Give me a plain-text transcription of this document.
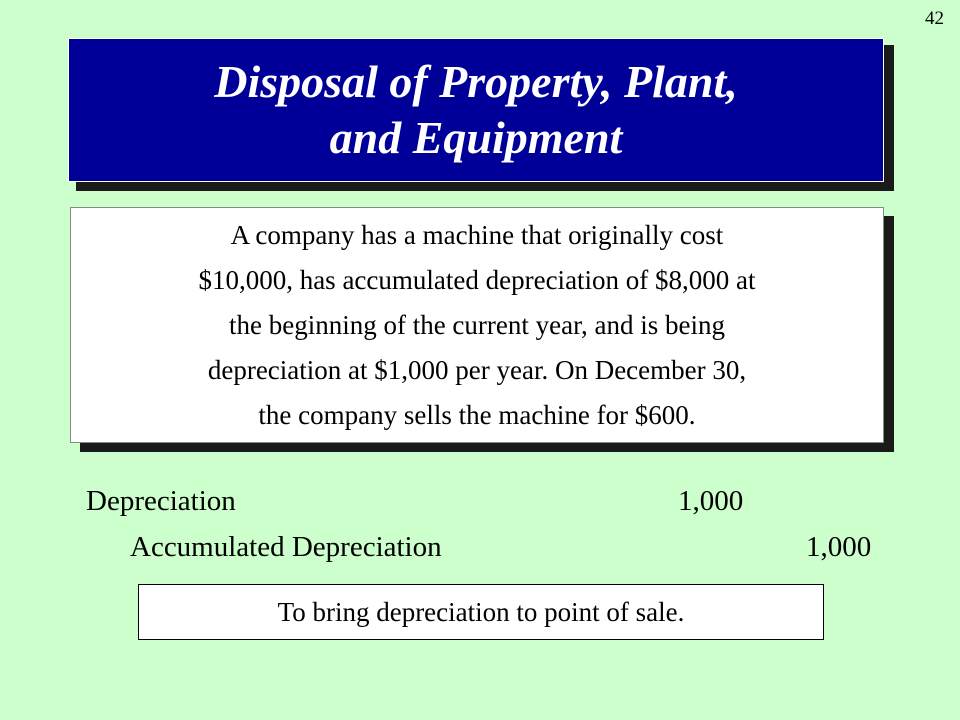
42
Disposal of Property, Plant,
and Equipment
A company has a machine that originally cost
$10,000, has accumulated depreciation of $8,000 at
the beginning of the current year, and is being
depreciation at $1,000 per year. On December 30,
the company sells the machine for $600.
Depreciation	1,000
Accumulated Depreciation	1,000
To bring depreciation to point of sale.
